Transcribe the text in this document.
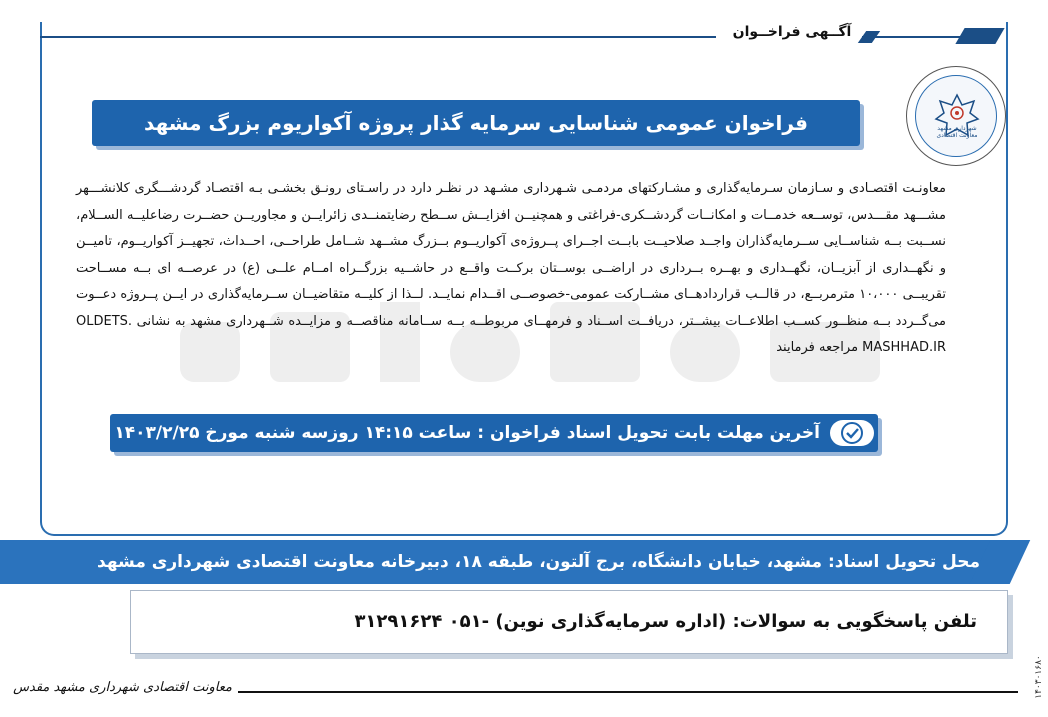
آگــهی فراخــوان
شهرداری مشهد معاونت اقتصادی
فراخوان عمومی شناسایی سرمایه گذار پروژه آکواریوم بزرگ مشهد
معاونـت اقتصـادی و سـازمان سـرمایه‌گذاری و مشـارکتهای مردمـی شـهرداری مشـهد در نظـر دارد در راسـتای رونـق بخشـی بـه اقتصـاد گردشـــگری کلانشـــهر مشـــهد مقـــدس، توســعه خدمــات و امکانــات گردشــکری-فراغتی و همچنیــن افزایــش ســطح رضایتمنــدی زائرایــن و مجاوریــن حضــرت رضاعلیــه الســلام، نســبت بــه شناســایی ســرمایه‌گذاران واجــد صلاحیــت بابــت اجــرای پــروژه‌ی آکواریــوم بــزرگ مشــهد شــامل طراحــی، احــداث، تجهیــز آکواریــوم، تامیــن و نگهــداری از آبزیــان، نگهــداری و بهــره بــرداری در اراضــی بوســتان برکــت واقــع در حاشــیه بزرگــراه امــام علــی (ع) در عرصــه ای بــه مســاحت تقریبــی ۱۰،۰۰۰ مترمربــع، در قالــب قراردادهــای مشــارکت عمومی-خصوصــی اقــدام نمایــد. لــذا از کلیــه متقاضیــان ســرمایه‌گذاری در ایــن پــروژه دعــوت می‌گــردد بــه منظــور کســب اطلاعــات بیشــتر، دریافــت اســناد و فرمهــای مربوطــه بــه ســامانه مناقصــه و مزایــده شــهرداری مشهد به نشانی OLDETS. MASHHAD.IR مراجعه فرمایند
آخرین مهلت بابت تحویل اسناد فراخوان : ساعت ۱۴:۱۵ روزسه شنبه مورخ ۱۴۰۳/۲/۲۵
محل تحویل اسناد: مشهد، خیابان دانشگاه، برج آلتون، طبقه ۱۸، دبیرخانه معاونت اقتصادی شهرداری مشهد
تلفن پاسخگویی به سوالات: (اداره سرمایه‌گذاری نوین) -۰۵۱ ۳۱۲۹۱۶۲۴
معاونت اقتصادی شهرداری مشهد مقدس	۱۴۰۳۰۱۶۸۰
